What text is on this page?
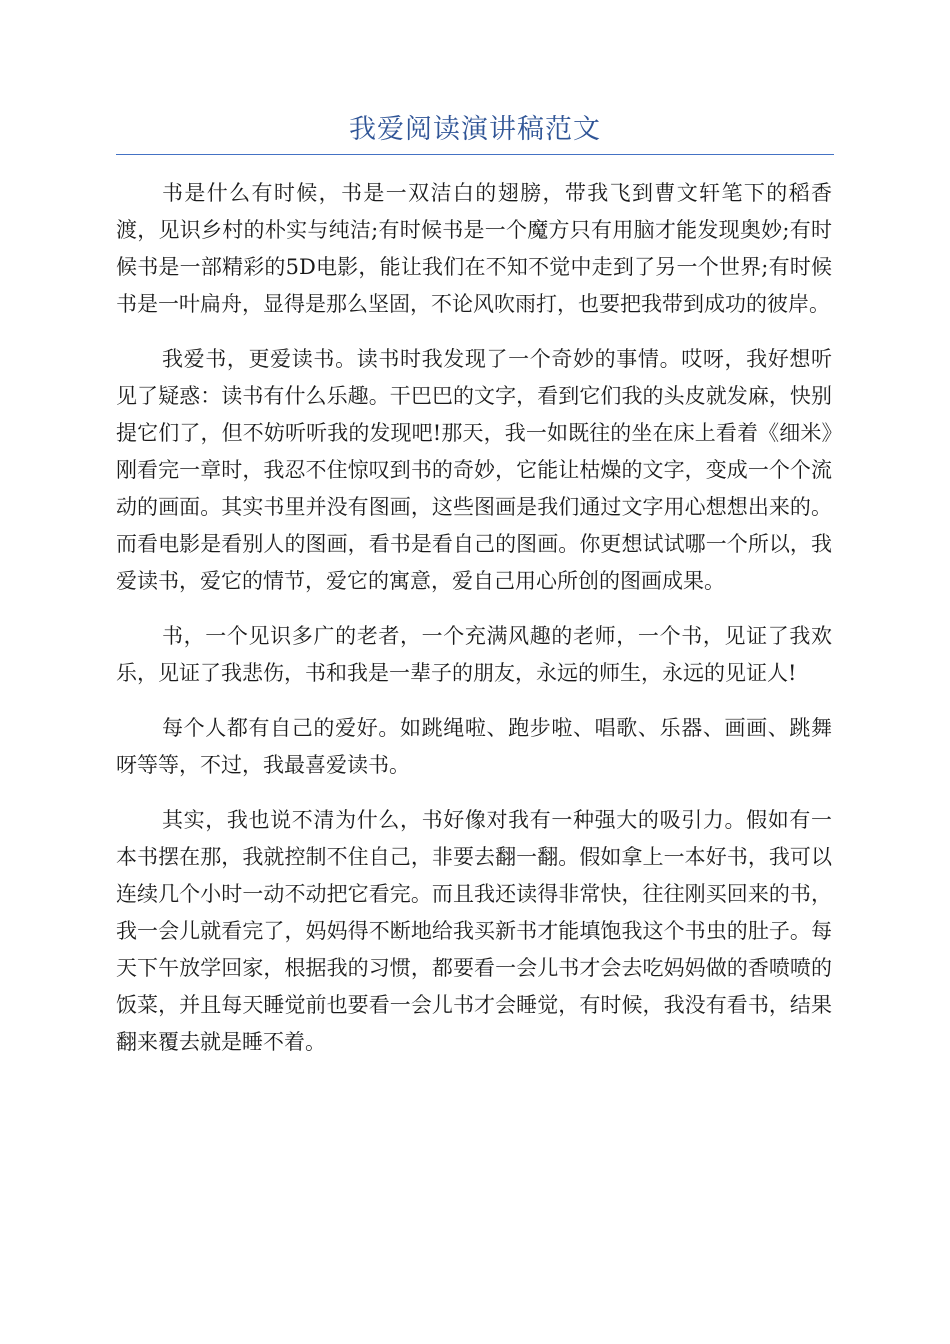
我爱阅读演讲稿范文

书是什么有时候，书是一双洁白的翅膀，带我飞到曹文轩笔下的稻香渡，见识乡村的朴实与纯洁;有时候书是一个魔方只有用脑才能发现奥妙;有时候书是一部精彩的5D电影，能让我们在不知不觉中走到了另一个世界;有时候书是一叶扁舟，显得是那么坚固，不论风吹雨打，也要把我带到成功的彼岸。

我爱书，更爱读书。读书时我发现了一个奇妙的事情。哎呀，我好想听见了疑惑：读书有什么乐趣。干巴巴的文字，看到它们我的头皮就发麻，快别提它们了，但不妨听听我的发现吧!那天，我一如既往的坐在床上看着《细米》刚看完一章时，我忍不住惊叹到书的奇妙，它能让枯燥的文字，变成一个个流动的画面。其实书里并没有图画，这些图画是我们通过文字用心想想出来的。而看电影是看别人的图画，看书是看自己的图画。你更想试试哪一个所以，我爱读书，爱它的情节，爱它的寓意，爱自己用心所创的图画成果。

书，一个见识多广的老者，一个充满风趣的老师，一个书，见证了我欢乐，见证了我悲伤，书和我是一辈子的朋友，永远的师生，永远的见证人!

每个人都有自己的爱好。如跳绳啦、跑步啦、唱歌、乐器、画画、跳舞呀等等，不过，我最喜爱读书。

其实，我也说不清为什么，书好像对我有一种强大的吸引力。假如有一本书摆在那，我就控制不住自己，非要去翻一翻。假如拿上一本好书，我可以连续几个小时一动不动把它看完。而且我还读得非常快，往往刚买回来的书，我一会儿就看完了，妈妈得不断地给我买新书才能填饱我这个书虫的肚子。每天下午放学回家，根据我的习惯，都要看一会儿书才会去吃妈妈做的香喷喷的饭菜，并且每天睡觉前也要看一会儿书才会睡觉，有时候，我没有看书，结果翻来覆去就是睡不着。
